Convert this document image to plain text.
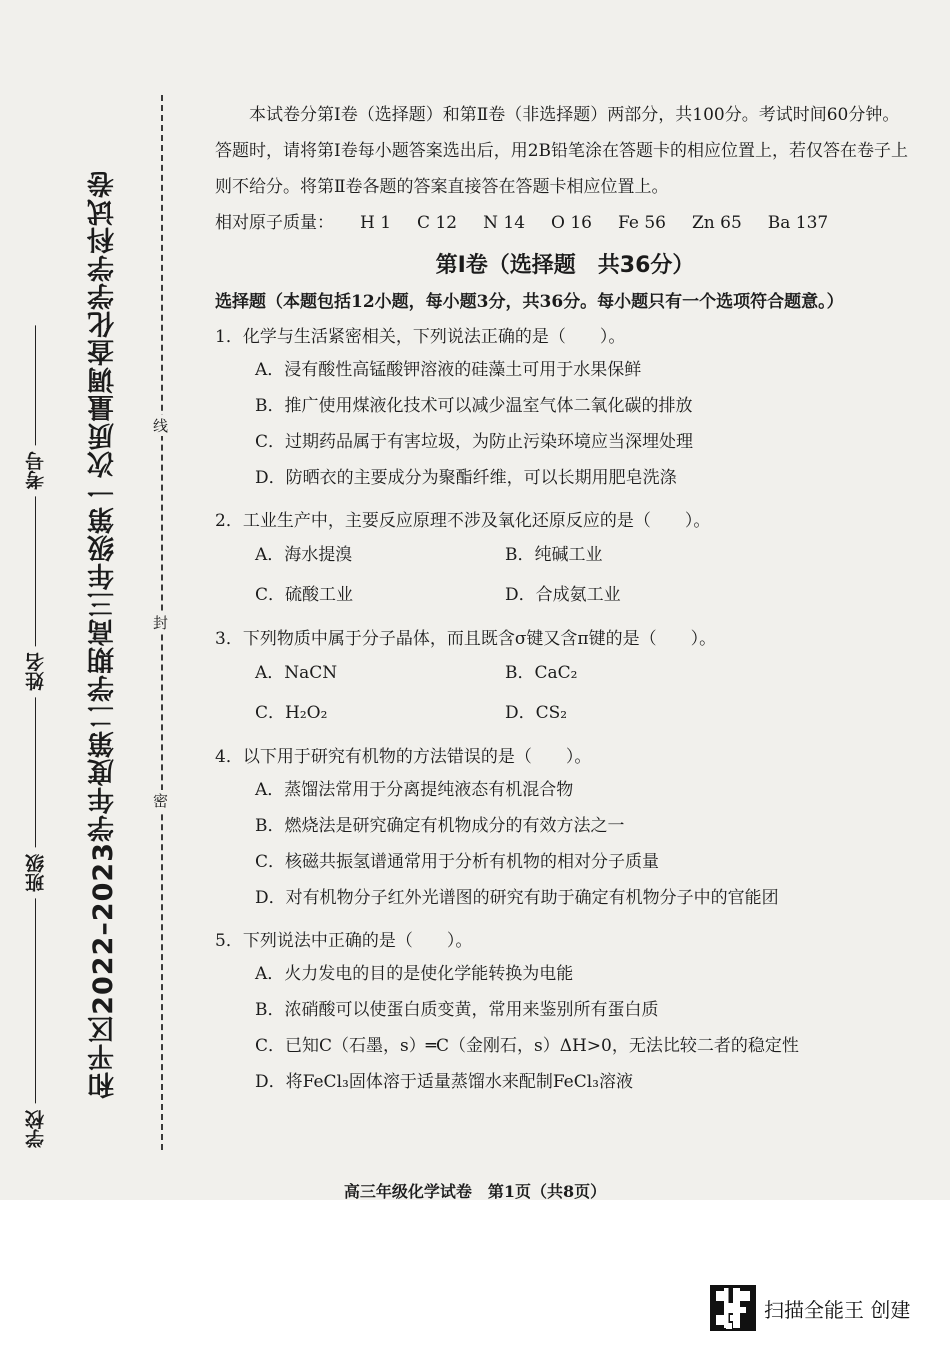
线
封
密
和平区2022–2023学年度第二学期高三年级第一次质量调查化学学科试卷
学校  班级  姓名  考号

本试卷分第Ⅰ卷（选择题）和第Ⅱ卷（非选择题）两部分，共100分。考试时间60分钟。答题时，请将第Ⅰ卷每小题答案选出后，用2B铅笔涂在答题卡的相应位置上，若仅答在卷子上则不给分。将第Ⅱ卷各题的答案直接答在答题卡相应位置上。

相对原子质量： H 1 C 12 N 14 O 16 Fe 56 Zn 65 Ba 137
第Ⅰ卷（选择题　共36分）

选择题（本题包括12小题，每小题3分，共36分。每小题只有一个选项符合题意。）

1．化学与生活紧密相关，下列说法正确的是（　　）。

A．浸有酸性高锰酸钾溶液的硅藻土可用于水果保鲜
B．推广使用煤液化技术可以减少温室气体二氧化碳的排放
C．过期药品属于有害垃圾，为防止污染环境应当深埋处理
D．防晒衣的主要成分为聚酯纤维，可以长期用肥皂洗涤

2．工业生产中，主要反应原理不涉及氧化还原反应的是（　　）。

A．海水提溴	B．纯碱工业
C．硫酸工业	D．合成氨工业

3．下列物质中属于分子晶体，而且既含σ键又含π键的是（　　）。

A．NaCN	B．CaC₂
C．H₂O₂	D．CS₂

4．以下用于研究有机物的方法错误的是（　　）。

A．蒸馏法常用于分离提纯液态有机混合物
B．燃烧法是研究确定有机物成分的有效方法之一
C．核磁共振氢谱通常用于分析有机物的相对分子质量
D．对有机物分子红外光谱图的研究有助于确定有机物分子中的官能团

5．下列说法中正确的是（　　）。

A．火力发电的目的是使化学能转换为电能
B．浓硝酸可以使蛋白质变黄，常用来鉴别所有蛋白质
C．已知C（石墨，s）═C（金刚石，s）ΔH>0，无法比较二者的稳定性
D．将FeCl₃固体溶于适量蒸馏水来配制FeCl₃溶液
高三年级化学试卷　第1页（共8页）
扫描全能王 创建
